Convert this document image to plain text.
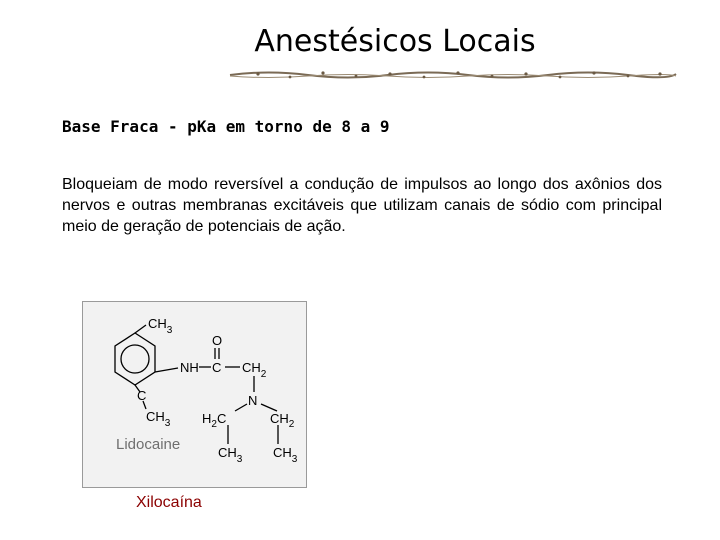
Anestésicos Locais
Base Fraca - pKa em torno de 8 a 9
Bloqueiam de modo reversível a condução de impulsos ao longo dos axônios dos nervos e outras membranas excitáveis que utilizam canais de sódio com principal meio de geração de potenciais de ação.
$CH_3$
O
NH C $CH_2$
C	N
$CH_3$ $H_2C$	$CH_2$
$CH_3$ $CH_3$
Lidocaine
Xilocaína
